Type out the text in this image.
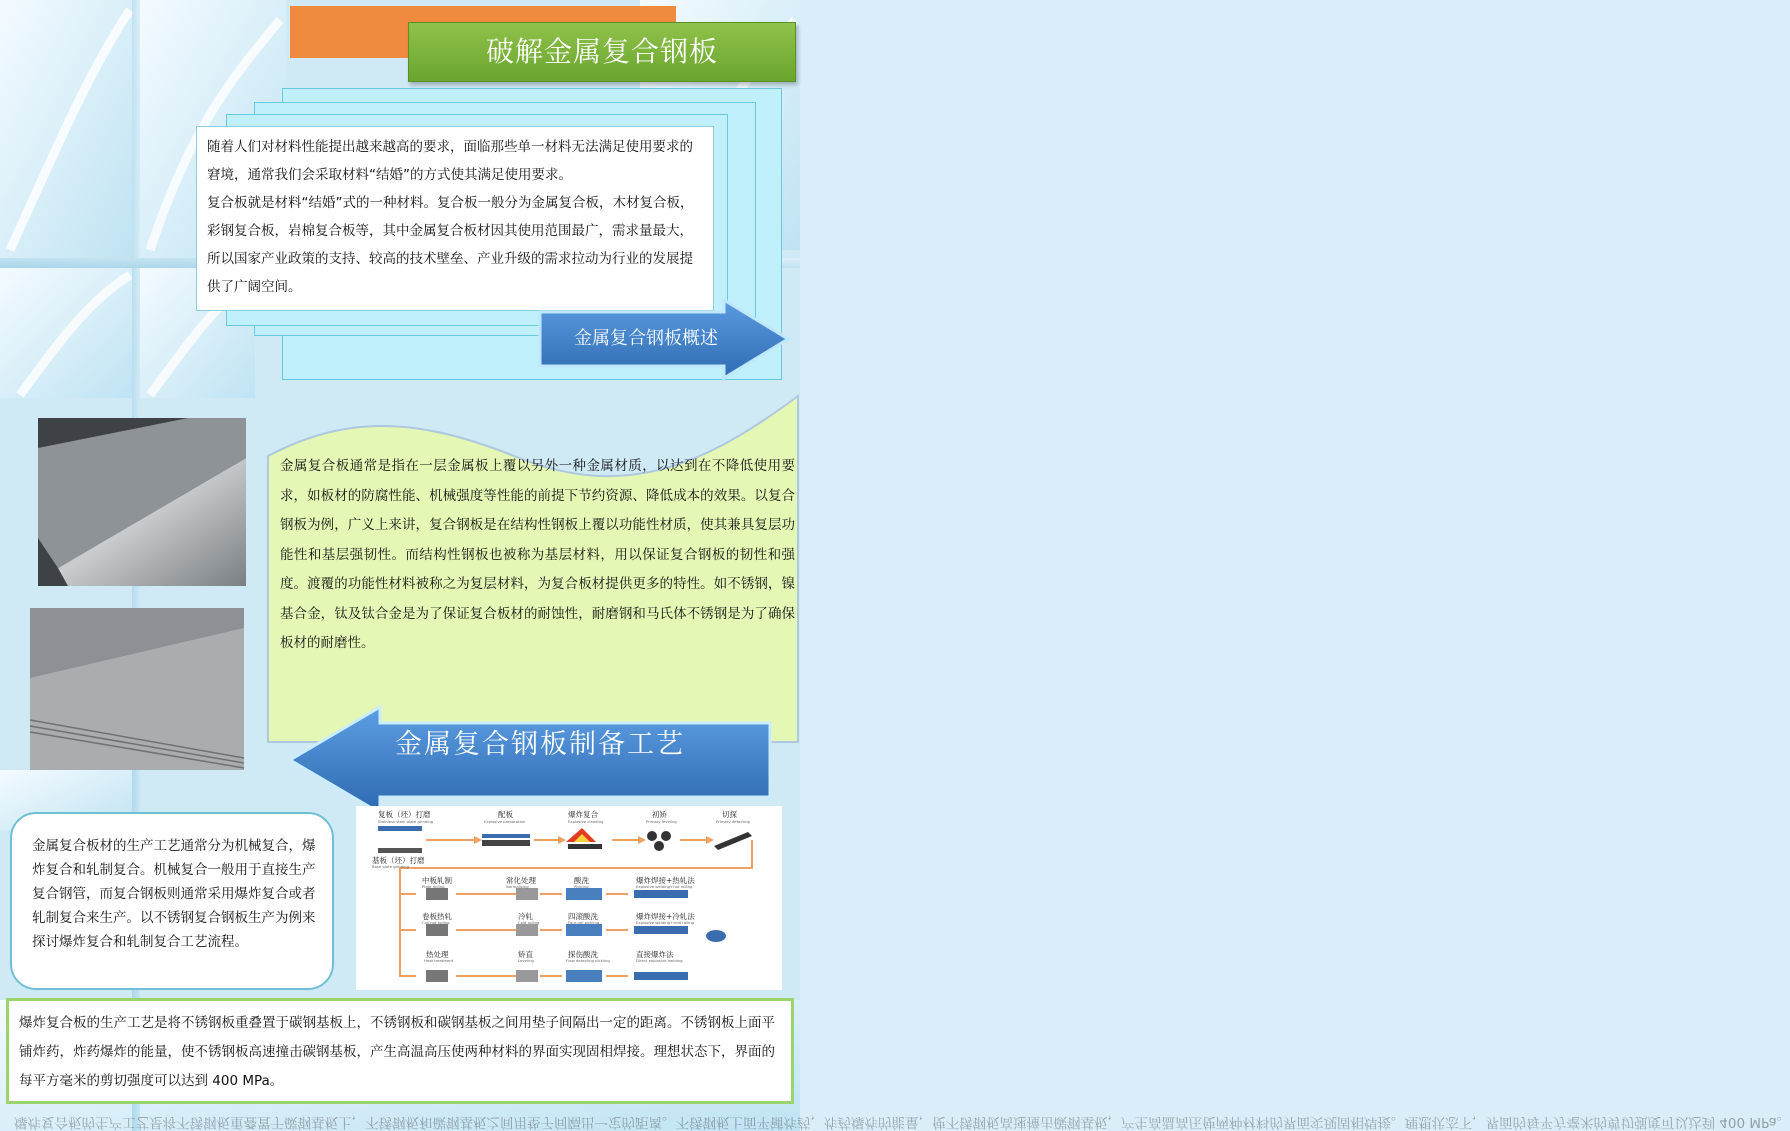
破解金属复合钢板

随着人们对材料性能提出越来越高的要求，面临那些单一材料无法满足使用要求的窘境，通常我们会采取材料“结婚”的方式使其满足使用要求。

复合板就是材料“结婚”式的一种材料。复合板一般分为金属复合板，木材复合板，彩钢复合板，岩棉复合板等，其中金属复合板材因其使用范围最广，需求量最大，所以国家产业政策的支持、较高的技术壁垒、产业升级的需求拉动为行业的发展提供了广阔空间。

金属复合钢板概述
金属复合板通常是指在一层金属板上覆以另外一种金属材质，以达到在不降低使用要求，如板材的防腐性能、机械强度等性能的前提下节约资源、降低成本的效果。以复合钢板为例，广义上来讲，复合钢板是在结构性钢板上覆以功能性材质，使其兼具复层功能性和基层强韧性。而结构性钢板也被称为基层材料，用以保证复合钢板的韧性和强度。渡覆的功能性材料被称之为复层材料，为复合板材提供更多的特性。如不锈钢，镍基合金，钛及钛合金是为了保证复合板材的耐蚀性，耐磨钢和马氏体不锈钢是为了确保板材的耐磨性。
金属复合钢板制备工艺
金属复合板材的生产工艺通常分为机械复合，爆炸复合和轧制复合。机械复合一般用于直接生产复合钢管，而复合钢板则通常采用爆炸复合或者轧制复合来生产。以不锈钢复合钢板生产为例来探讨爆炸复合和轧制复合工艺流程。
复板（坯）打磨
Stainless steel plate grinding
基板（坯）打磨
Base plate grinding
配板
Explosive preparation
爆炸复合
Explosive cladding
初矫
Primary leveling
切探
Primary detecting
中板轧制
Plate rolling
常化处理
Normalizing
酸洗
Pickling
爆炸焊接+热轧法
Explosive welding+hot rolling
卷板热轧
Coil hot rolling
冷轧
Cold rolling
四滚酸洗
Four-roll pickling
爆炸焊接+冷轧法
Explosive welding+cold rolling
热处理
Heat treatment
矫直
Leveling
探伤酸洗
Flaw detecting pickling
直接爆炸法
Direct explosive welding
爆炸复合板的生产工艺是将不锈钢板重叠置于碳钢基板上，不锈钢板和碳钢基板之间用垫子间隔出一定的距离。不锈钢板上面平铺炸药，炸药爆炸的能量，使不锈钢板高速撞击碳钢基板，产生高温高压使两种材料的界面实现固相焊接。理想状态下，界面的每平方毫米的剪切强度可以达到 400 MPa。
爆炸复合板的生产工艺是将不锈钢板重叠置于碳钢基板上，不锈钢板和碳钢基板之间用垫子间隔出一定的距离。不锈钢板上面平铺炸药，炸药爆炸的能量，使不锈钢板高速撞击碳钢基板，产生高温高压使两种材料的界面实现固相焊接。理想状态下，界面的每平方毫米的剪切强度可以达到 400 MPa。
